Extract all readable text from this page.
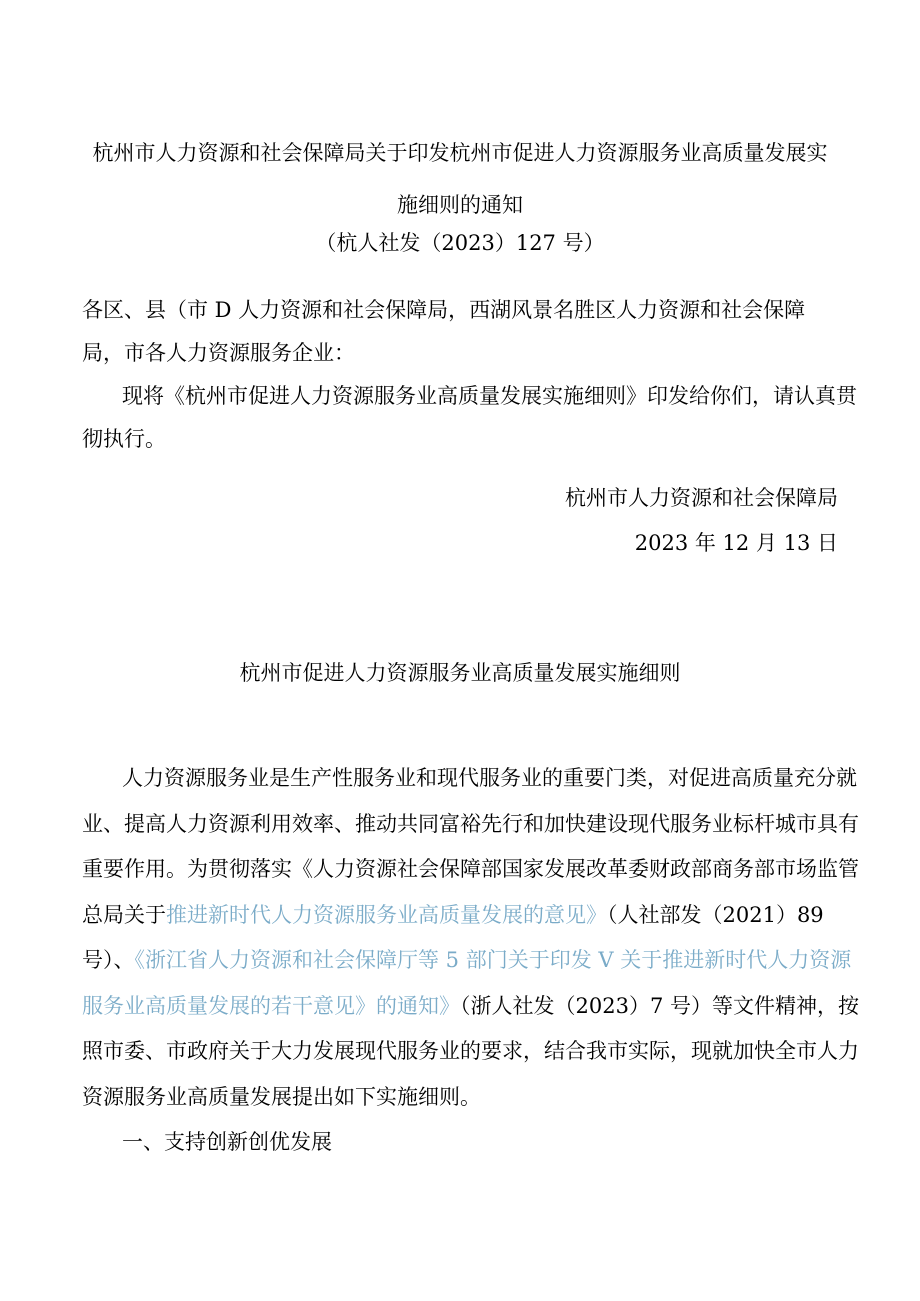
杭州市人力资源和社会保障局关于印发杭州市促进人力资源服务业高质量发展实
施细则的通知
（杭人社发（2023）127 号）
各区、县（市 D 人力资源和社会保障局，西湖风景名胜区人力资源和社会保障
局，市各人力资源服务企业：
现将《杭州市促进人力资源服务业高质量发展实施细则》印发给你们，请认真贯
彻执行。
杭州市人力资源和社会保障局
2023 年 12 月 13 日
杭州市促进人力资源服务业高质量发展实施细则
人力资源服务业是生产性服务业和现代服务业的重要门类，对促进高质量充分就
业、提高人力资源利用效率、推动共同富裕先行和加快建设现代服务业标杆城市具有
重要作用。为贯彻落实《人力资源社会保障部国家发展改革委财政部商务部市场监管
总局关于推进新时代人力资源服务业高质量发展的意见》（人社部发（2021）89
号）、《浙江省人力资源和社会保障厅等 5 部门关于印发 V 关于推进新时代人力资源
服务业高质量发展的若干意见》的通知》（浙人社发（2023）7 号）等文件精神，按
照市委、市政府关于大力发展现代服务业的要求，结合我市实际，现就加快全市人力
资源服务业高质量发展提出如下实施细则。
一、支持创新创优发展
